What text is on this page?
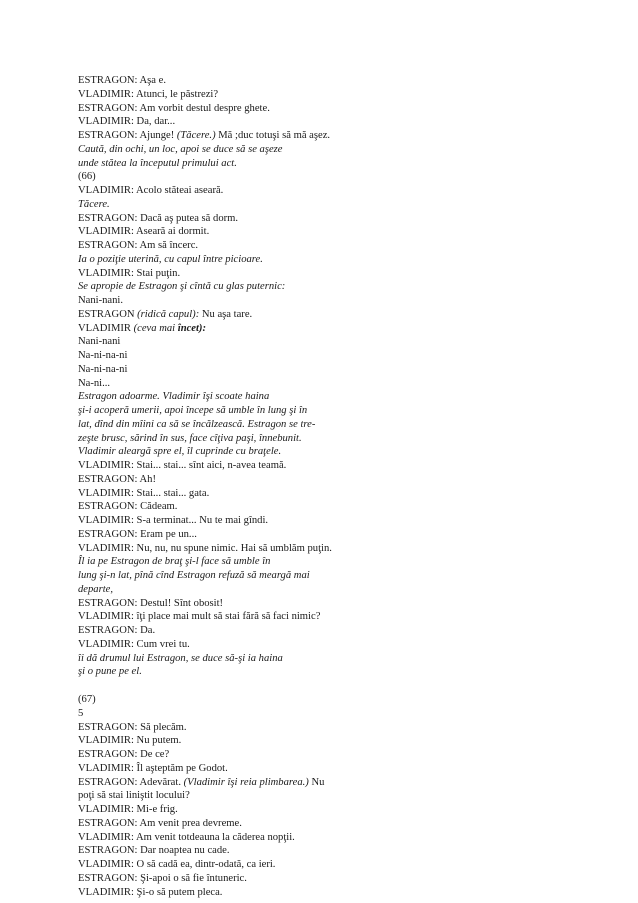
ESTRAGON: Aşa e.
VLADIMIR: Atunci, le păstrezi?
ESTRAGON: Am vorbit destul despre ghete.
VLADIMIR: Da, dar...
ESTRAGON: Ajunge! (Tăcere.) Mă ;duc totuşi să mă aşez.
Caută, din ochi, un loc, apoi se duce să se aşeze
unde stătea la începutul primului act.
(66)
VLADIMIR: Acolo stăteai aseară.
Tăcere.
ESTRAGON: Dacă aş putea să dorm.
VLADIMIR: Aseară ai dormit.
ESTRAGON: Am să încerc.
Ia o poziţie uterină, cu capul între picioare.
VLADIMIR: Stai puţin.
Se apropie de Estragon şi cîntă cu glas puternic:
Nani-nani.
ESTRAGON (ridică capul): Nu aşa tare.
VLADIMIR (ceva mai încet):
Nani-nani
Na-ni-na-ni
Na-ni-na-ni
Na-ni...
Estragon adoarme. Vladimir îşi scoate haina
şi-i acoperă umerii, apoi începe să umble în lung şi în
lat, dînd din mîini ca să se încălzească. Estragon se tre-
zeşte brusc, sărind în sus, face cîţiva paşi, înnebunit.
Vladimir aleargă spre el, îl cuprinde cu braţele.
VLADIMIR: Stai... stai... sînt aici, n-avea teamă.
ESTRAGON: Ah!
VLADIMIR: Stai... stai... gata.
ESTRAGON: Cădeam.
VLADIMIR: S-a terminat... Nu te mai gîndi.
ESTRAGON: Eram pe un...
VLADIMIR: Nu, nu, nu spune nimic. Hai să umblăm puţin.
Îl ia pe Estragon de braţ şi-l face să umble în
lung şi-n lat, pînă cînd Estragon refuză să meargă mai
departe,
ESTRAGON: Destul! Sînt obosit!
VLADIMIR: îţi place mai mult să stai fără să faci nimic?
ESTRAGON: Da.
VLADIMIR: Cum vrei tu.
îi dă drumul lui Estragon, se duce să-şi ia haina
şi o pune pe el.
(67)
5
ESTRAGON: Să plecăm.
VLADIMIR: Nu putem.
ESTRAGON: De ce?
VLADIMIR: Îl aşteptăm pe Godot.
ESTRAGON: Adevărat. (Vladimir îşi reia plimbarea.) Nu
poţi să stai liniştit locului?
VLADIMIR: Mi-e frig.
ESTRAGON: Am venit prea devreme.
VLADIMIR: Am venit totdeauna la căderea nopţii.
ESTRAGON: Dar noaptea nu cade.
VLADIMIR: O să cadă ea, dintr-odată, ca ieri.
ESTRAGON: Şi-apoi o să fie întuneric.
VLADIMIR: Şi-o să putem pleca.
